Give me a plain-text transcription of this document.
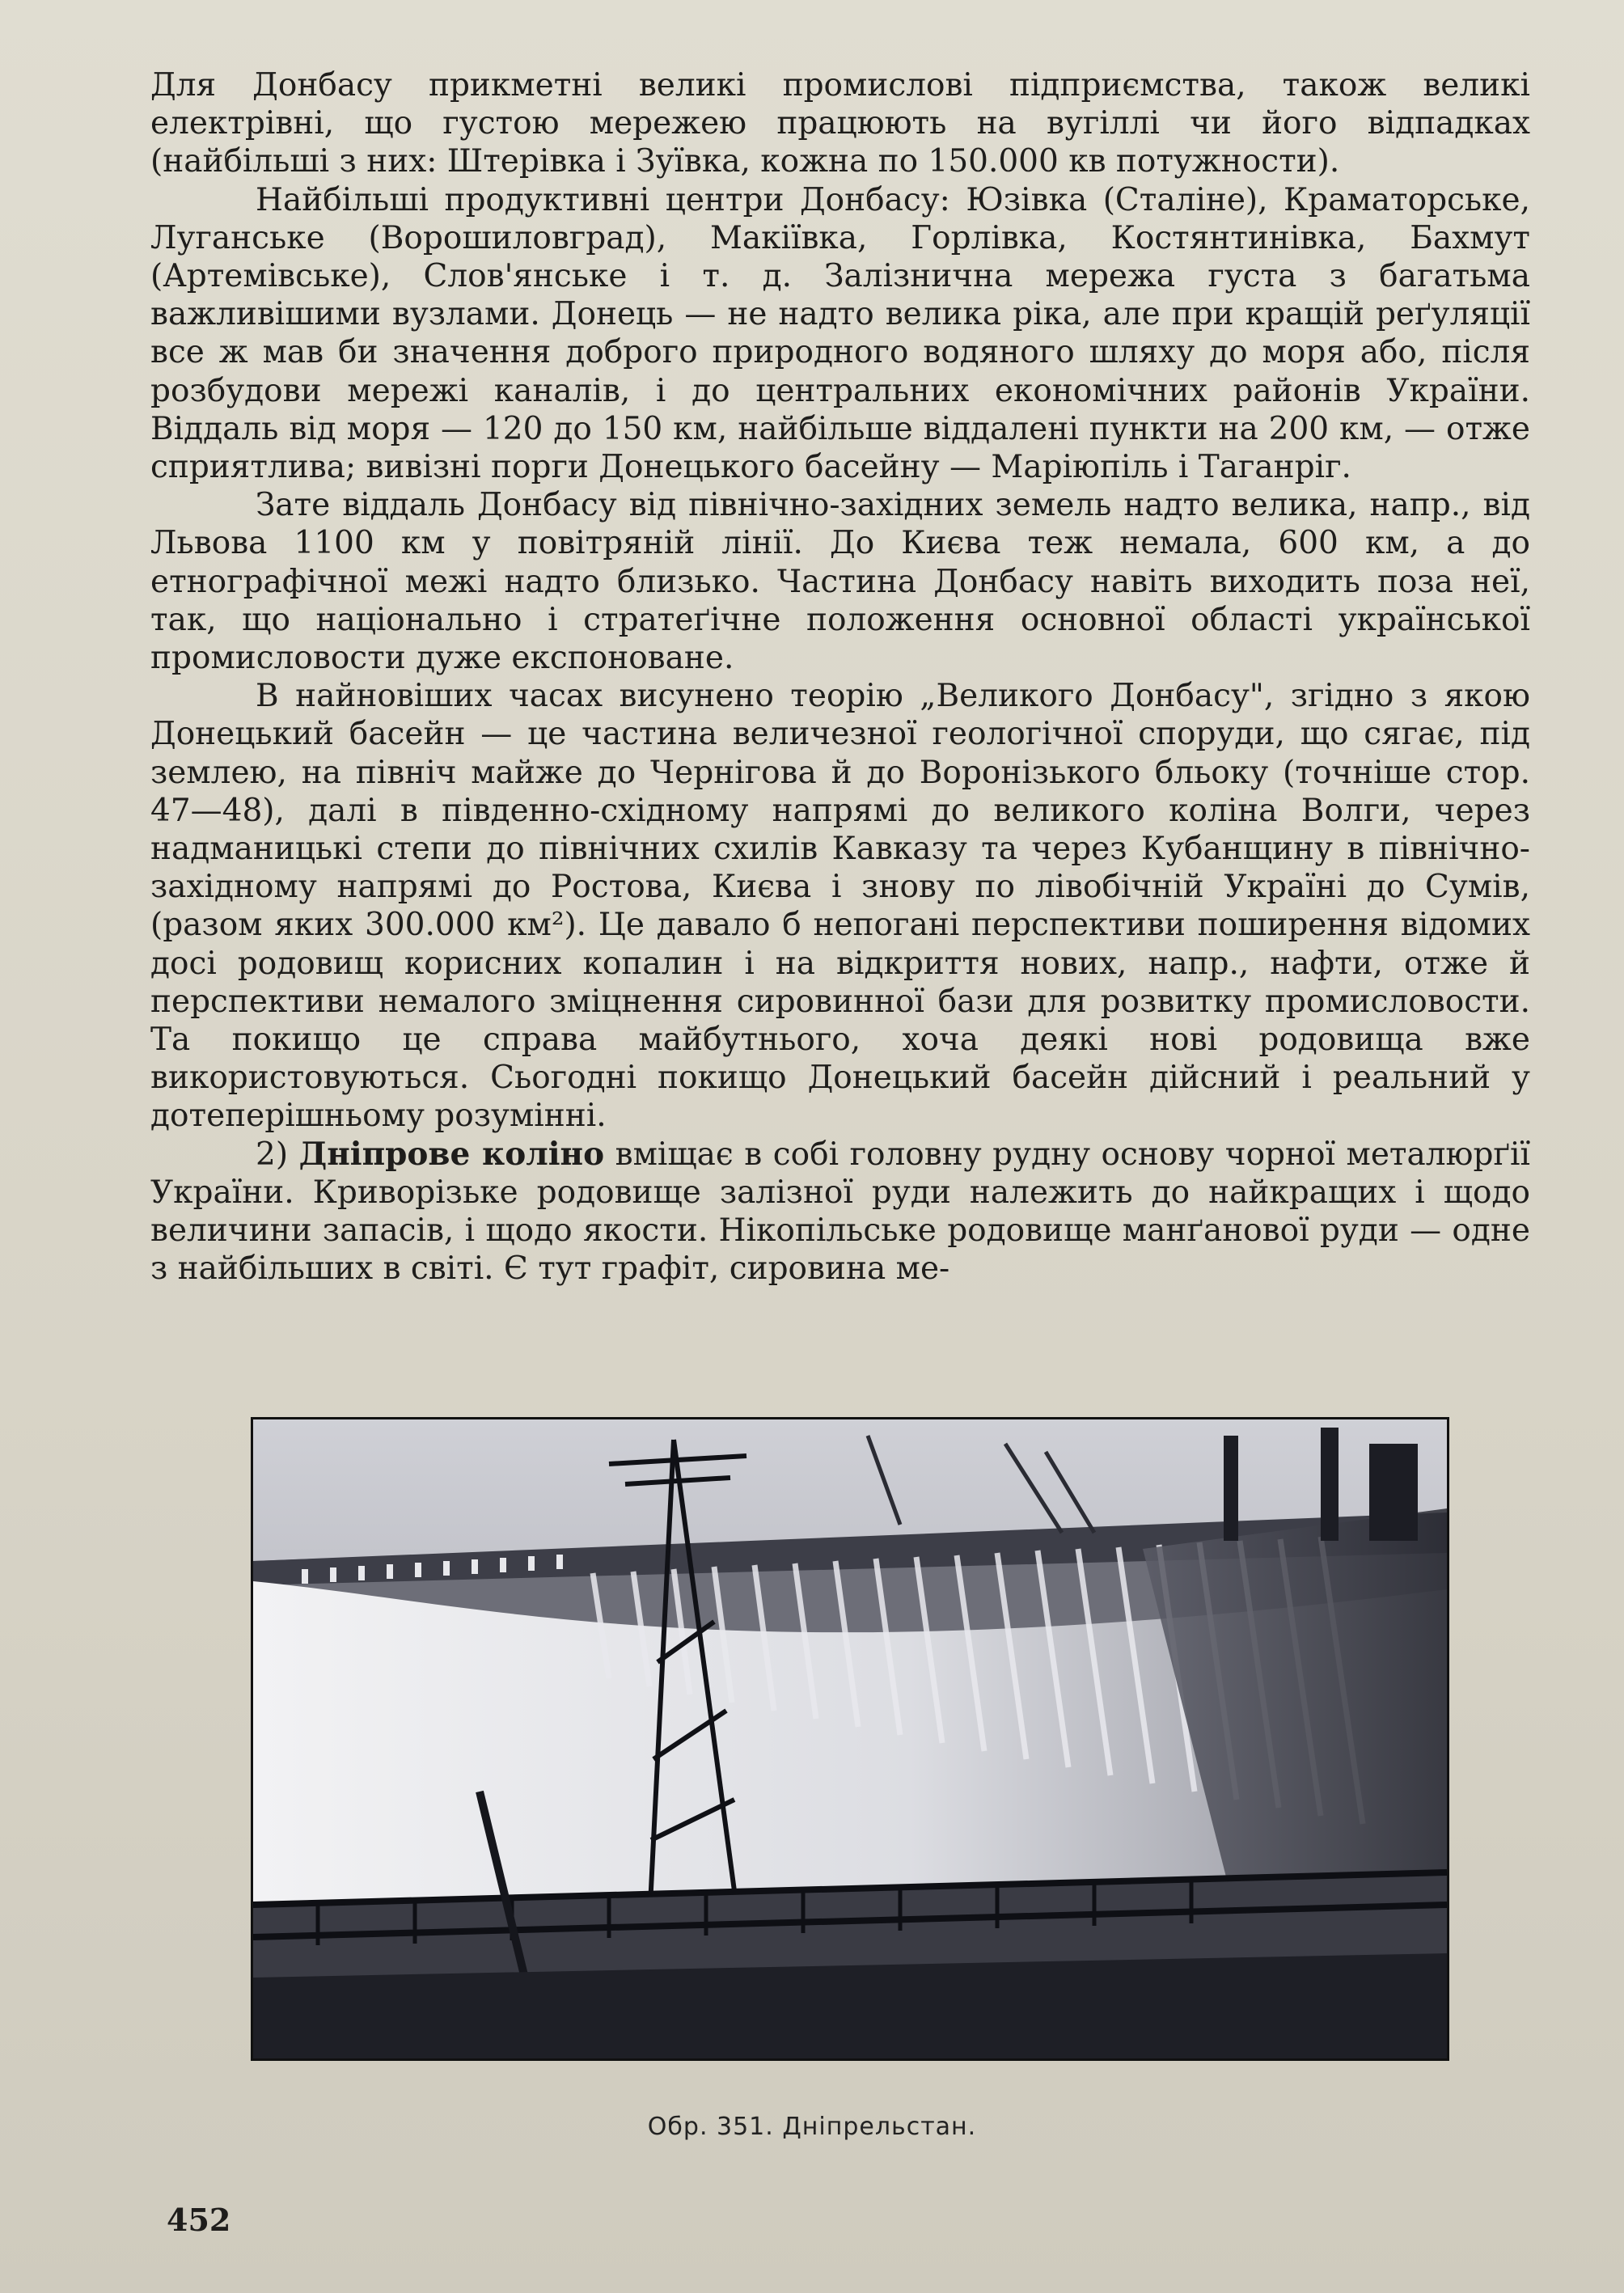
Для Донбасу прикметні великі промислові підприємства, також великі електрівні, що густою мережею працюють на вугіллі чи його відпадках (найбільші з них: Штерівка і Зуївка, кожна по 150.000 кв потужности).

Найбільші продуктивні центри Донбасу: Юзівка (Сталіне), Краматорське, Луганське (Ворошиловград), Макіївка, Горлівка, Костянтинівка, Бахмут (Артемівське), Слов'янське і т. д. Залізнична мережа густа з багатьма важливішими вузлами. Донець — не надто велика ріка, але при кращій реґуляції все ж мав би значення доброго природного водяного шляху до моря або, після розбудови мережі каналів, і до центральних економічних районів України. Віддаль від моря — 120 до 150 км, найбільше віддалені пункти на 200 км, — отже сприятлива; вивізні порги Донецького басейну — Маріюпіль і Таганріг.

Зате віддаль Донбасу від північно-західних земель надто велика, напр., від Львова 1100 км у повітряній лінії. До Києва теж немала, 600 км, а до етнографічної межі надто близько. Частина Донбасу навіть виходить поза неї, так, що національно і стратеґічне положення основної області української промисловости дуже експоноване.

В найновіших часах висунено теорію „Великого Донбасу", згідно з якою Донецький басейн — це частина величезної геологічної споруди, що сягає, під землею, на північ майже до Чернігова й до Воронізького бльоку (точніше стор. 47—48), далі в південно-східному напрямі до великого коліна Волги, через надманицькі степи до північних схилів Кавказу та через Кубанщину в північно-західному напрямі до Ростова, Києва і знову по лівобічній Україні до Сумів, (разом яких 300.000 км²). Це давало б непогані перспективи поширення відомих досі родовищ корисних копалин і на відкриття нових, напр., нафти, отже й перспективи немалого зміцнення сировинної бази для розвитку промисловости. Та покищо це справа майбутнього, хоча деякі нові родовища вже використовуються. Сьогодні покищо Донецький басейн дійсний і реальний у дотеперішньому розумінні.

2) Дніпрове коліно вміщає в собі головну рудну основу чорної металюрґії України. Криворізьке родовище залізної руди належить до найкращих і щодо величини запасів, і щодо якости. Нікопільське родовище манґанової руди — одне з найбільших в світі. Є тут графіт, сировина ме-

Обр. 351. Дніпрельстан.
452
